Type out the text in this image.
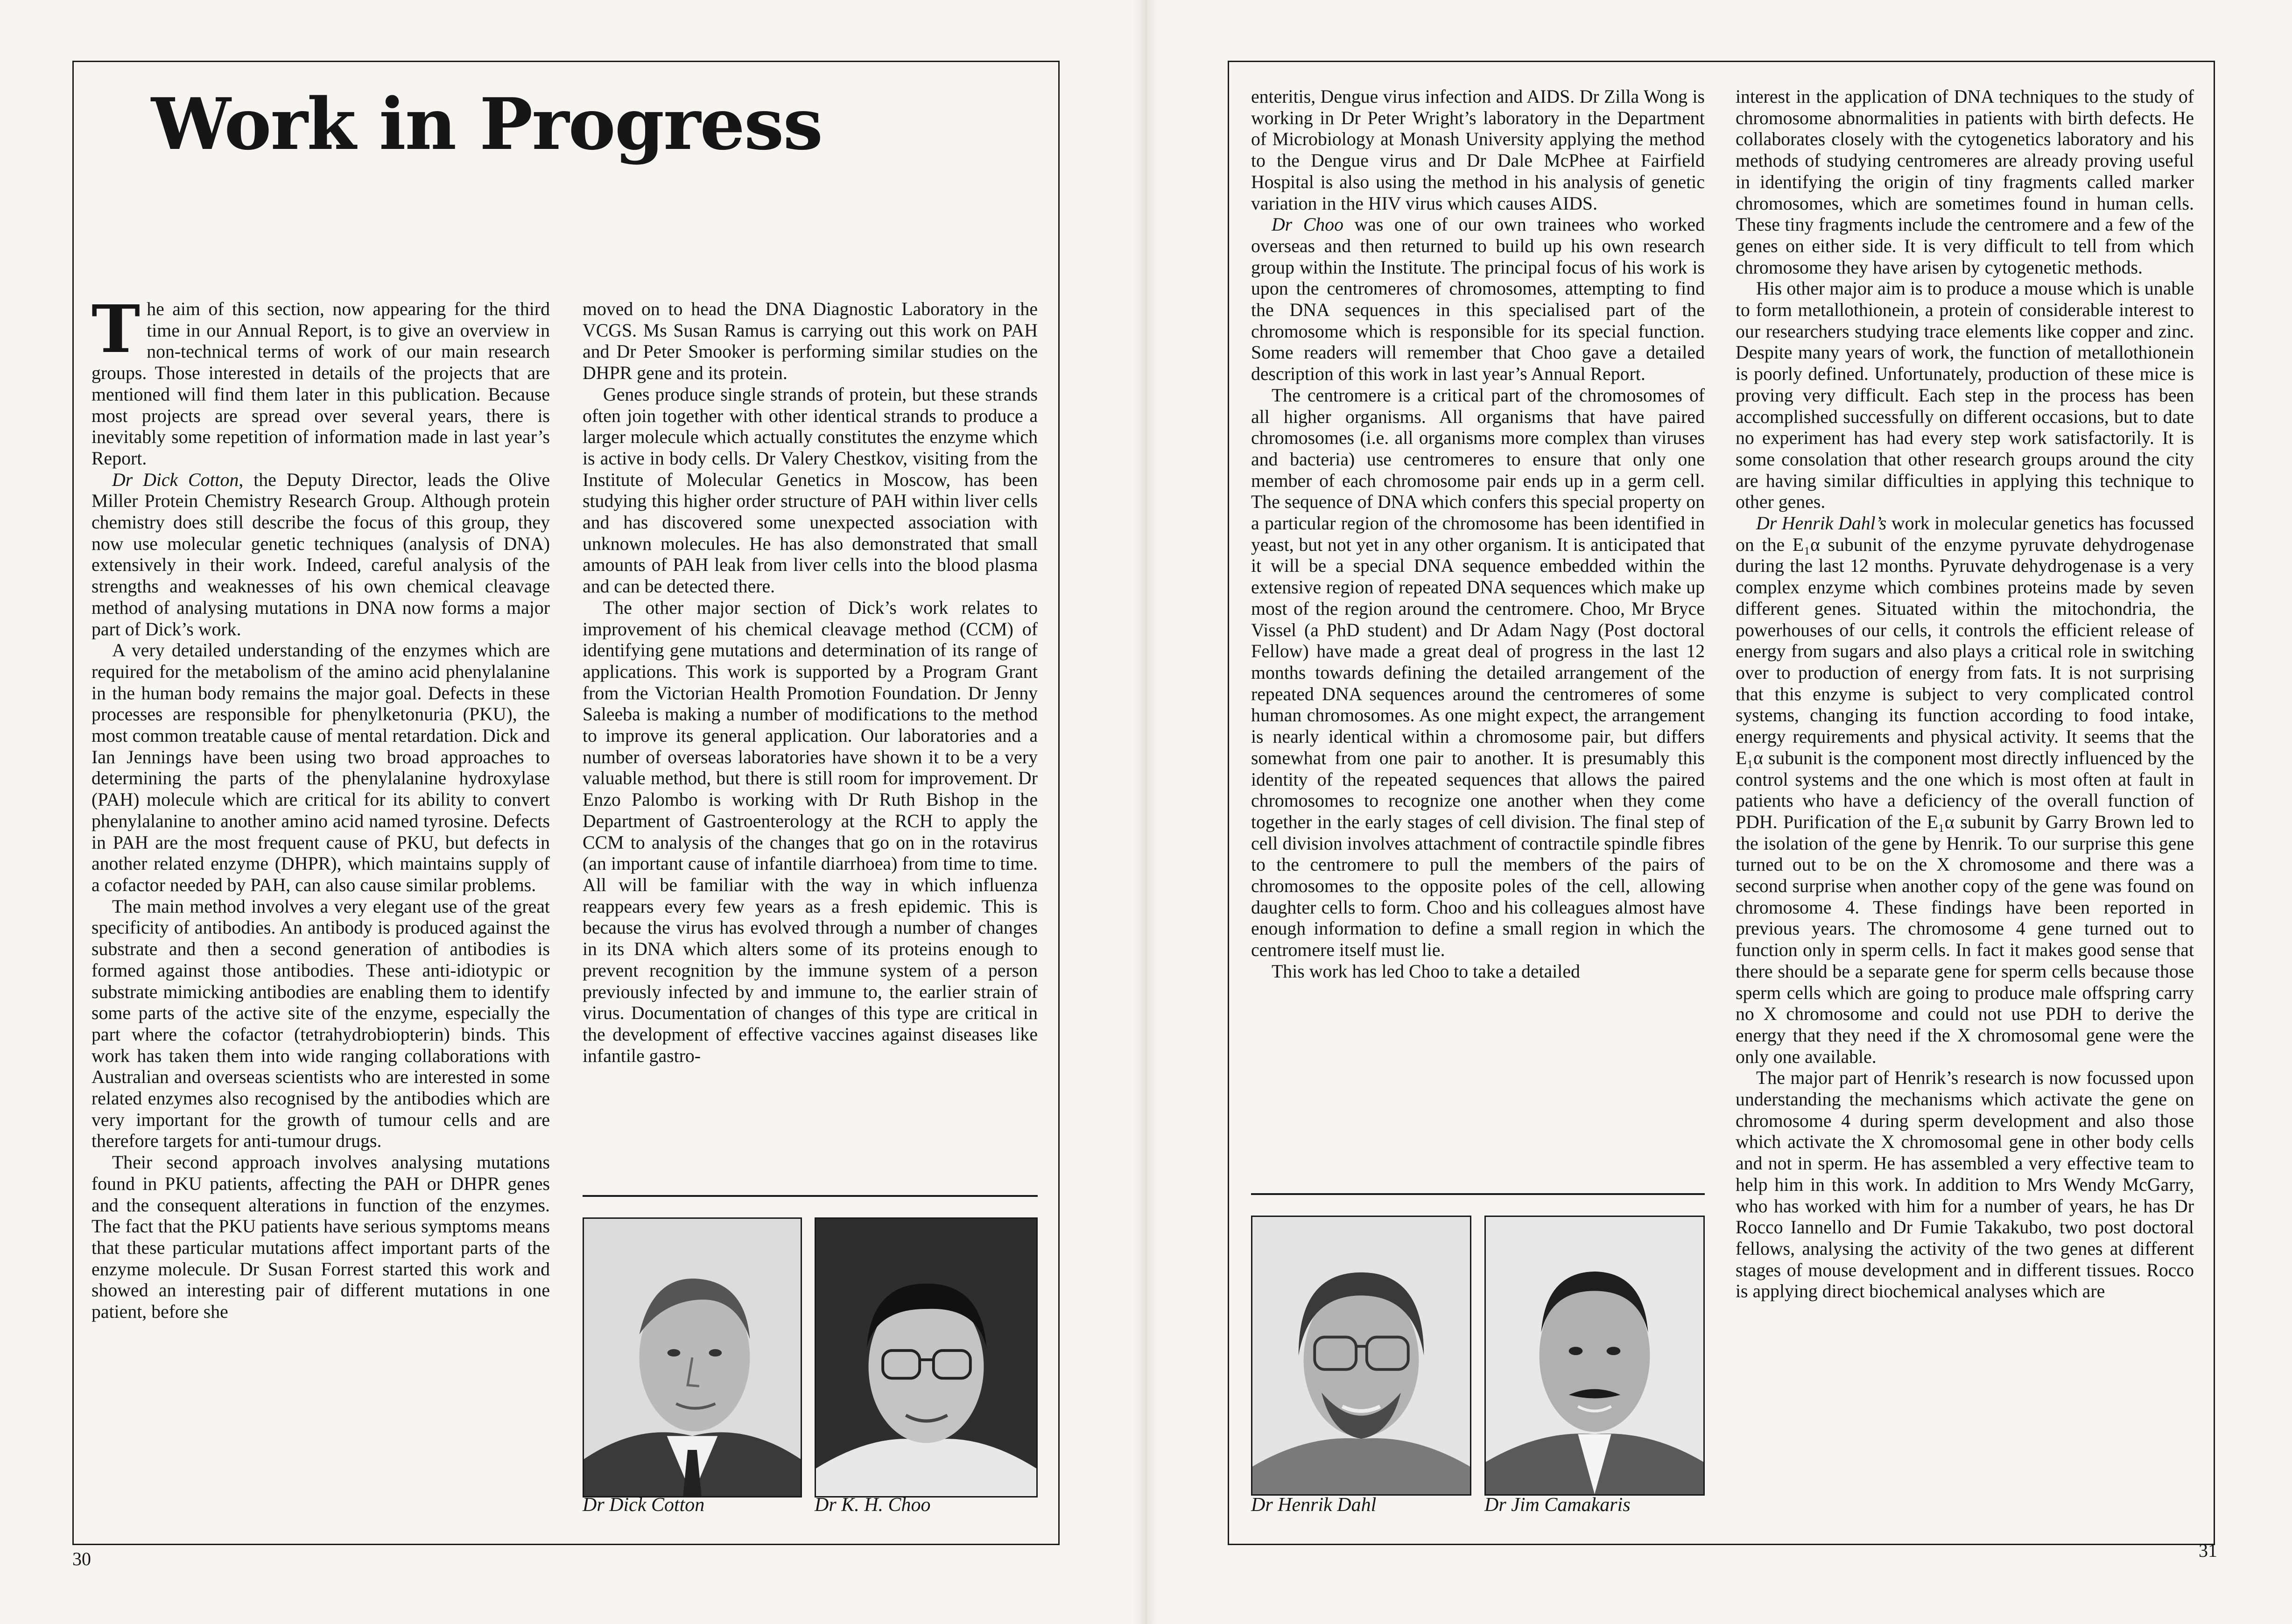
Work in Progress

The aim of this section, now appearing for the third time in our Annual Report, is to give an overview in non-technical terms of work of our main research groups. Those interested in details of the projects that are mentioned will find them later in this publication. Because most projects are spread over several years, there is inevitably some repetition of information made in last year’s Report.

Dr Dick Cotton, the Deputy Director, leads the Olive Miller Protein Chemistry Research Group. Although protein chemistry does still describe the focus of this group, they now use molecular genetic techniques (analysis of DNA) extensively in their work. Indeed, careful analysis of the strengths and weaknesses of his own chemical cleavage method of analysing mutations in DNA now forms a major part of Dick’s work.

A very detailed understanding of the enzymes which are required for the metabolism of the amino acid phenylalanine in the human body remains the major goal. Defects in these processes are responsible for phenylketonuria (PKU), the most common treatable cause of mental retardation. Dick and Ian Jennings have been using two broad approaches to determining the parts of the phenylalanine hydroxylase (PAH) molecule which are critical for its ability to convert phenylalanine to another amino acid named tyrosine. Defects in PAH are the most frequent cause of PKU, but defects in another related enzyme (DHPR), which maintains supply of a cofactor needed by PAH, can also cause similar problems.

The main method involves a very elegant use of the great specificity of antibodies. An antibody is produced against the substrate and then a second generation of antibodies is formed against those antibodies. These anti-idiotypic or substrate mimicking antibodies are enabling them to identify some parts of the active site of the enzyme, especially the part where the cofactor (tetrahydrobiopterin) binds. This work has taken them into wide ranging collaborations with Australian and overseas scientists who are interested in some related enzymes also recognised by the antibodies which are very important for the growth of tumour cells and are therefore targets for anti-tumour drugs.

Their second approach involves analysing mutations found in PKU patients, affecting the PAH or DHPR genes and the consequent alterations in function of the enzymes. The fact that the PKU patients have serious symptoms means that these particular mutations affect important parts of the enzyme molecule. Dr Susan Forrest started this work and showed an interesting pair of different mutations in one patient, before she

moved on to head the DNA Diagnostic Laboratory in the VCGS. Ms Susan Ramus is carrying out this work on PAH and Dr Peter Smooker is performing similar studies on the DHPR gene and its protein.

Genes produce single strands of protein, but these strands often join together with other identical strands to produce a larger molecule which actually constitutes the enzyme which is active in body cells. Dr Valery Chestkov, visiting from the Institute of Molecular Genetics in Moscow, has been studying this higher order structure of PAH within liver cells and has discovered some unexpected association with unknown molecules. He has also demonstrated that small amounts of PAH leak from liver cells into the blood plasma and can be detected there.

The other major section of Dick’s work relates to improvement of his chemical cleavage method (CCM) of identifying gene mutations and determination of its range of applications. This work is supported by a Program Grant from the Victorian Health Promotion Foundation. Dr Jenny Saleeba is making a number of modifications to the method to improve its general application. Our laboratories and a number of overseas laboratories have shown it to be a very valuable method, but there is still room for improvement. Dr Enzo Palombo is working with Dr Ruth Bishop in the Department of Gastroenterology at the RCH to apply the CCM to analysis of the changes that go on in the rotavirus (an important cause of infantile diarrhoea) from time to time. All will be familiar with the way in which influenza reappears every few years as a fresh epidemic. This is because the virus has evolved through a number of changes in its DNA which alters some of its proteins enough to prevent recognition by the immune system of a person previously infected by and immune to, the earlier strain of virus. Documentation of changes of this type are critical in the development of effective vaccines against diseases like infantile gastro-

Dr Dick Cotton	Dr K. H. Choo
30

enteritis, Dengue virus infection and AIDS. Dr Zilla Wong is working in Dr Peter Wright’s laboratory in the Department of Microbiology at Monash University applying the method to the Dengue virus and Dr Dale McPhee at Fairfield Hospital is also using the method in his analysis of genetic variation in the HIV virus which causes AIDS.

Dr Choo was one of our own trainees who worked overseas and then returned to build up his own research group within the Institute. The principal focus of his work is upon the centromeres of chromosomes, attempting to find the DNA sequences in this specialised part of the chromosome which is responsible for its special function. Some readers will remember that Choo gave a detailed description of this work in last year’s Annual Report.

The centromere is a critical part of the chromosomes of all higher organisms. All organisms that have paired chromosomes (i.e. all organisms more complex than viruses and bacteria) use centromeres to ensure that only one member of each chromosome pair ends up in a germ cell. The sequence of DNA which confers this special property on a particular region of the chromosome has been identified in yeast, but not yet in any other organism. It is anticipated that it will be a special DNA sequence embedded within the extensive region of repeated DNA sequences which make up most of the region around the centromere. Choo, Mr Bryce Vissel (a PhD student) and Dr Adam Nagy (Post doctoral Fellow) have made a great deal of progress in the last 12 months towards defining the detailed arrangement of the repeated DNA sequences around the centromeres of some human chromosomes. As one might expect, the arrangement is nearly identical within a chromosome pair, but differs somewhat from one pair to another. It is presumably this identity of the repeated sequences that allows the paired chromosomes to recognize one another when they come together in the early stages of cell division. The final step of cell division involves attachment of contractile spindle fibres to the centromere to pull the members of the pairs of chromosomes to the opposite poles of the cell, allowing daughter cells to form. Choo and his colleagues almost have enough information to define a small region in which the centromere itself must lie.

This work has led Choo to take a detailed

interest in the application of DNA techniques to the study of chromosome abnormalities in patients with birth defects. He collaborates closely with the cytogenetics laboratory and his methods of studying centromeres are already proving useful in identifying the origin of tiny fragments called marker chromosomes, which are sometimes found in human cells. These tiny fragments include the centromere and a few of the genes on either side. It is very difficult to tell from which chromosome they have arisen by cytogenetic methods.

His other major aim is to produce a mouse which is unable to form metallothionein, a protein of considerable interest to our researchers studying trace elements like copper and zinc. Despite many years of work, the function of metallothionein is poorly defined. Unfortunately, production of these mice is proving very difficult. Each step in the process has been accomplished successfully on different occasions, but to date no experiment has had every step work satisfactorily. It is some consolation that other research groups around the city are having similar difficulties in applying this technique to other genes.

Dr Henrik Dahl’s work in molecular genetics has focussed on the E₁α subunit of the enzyme pyruvate dehydrogenase during the last 12 months. Pyruvate dehydrogenase is a very complex enzyme which combines proteins made by seven different genes. Situated within the mitochondria, the powerhouses of our cells, it controls the efficient release of energy from sugars and also plays a critical role in switching over to production of energy from fats. It is not surprising that this enzyme is subject to very complicated control systems, changing its function according to food intake, energy requirements and physical activity. It seems that the E₁α subunit is the component most directly influenced by the control systems and the one which is most often at fault in patients who have a deficiency of the overall function of PDH. Purification of the E₁α subunit by Garry Brown led to the isolation of the gene by Henrik. To our surprise this gene turned out to be on the X chromosome and there was a second surprise when another copy of the gene was found on chromosome 4. These findings have been reported in previous years. The chromosome 4 gene turned out to function only in sperm cells. In fact it makes good sense that there should be a separate gene for sperm cells because those sperm cells which are going to produce male offspring carry no X chromosome and could not use PDH to derive the energy that they need if the X chromosomal gene were the only one available.

The major part of Henrik’s research is now focussed upon understanding the mechanisms which activate the gene on chromosome 4 during sperm development and also those which activate the X chromosomal gene in other body cells and not in sperm. He has assembled a very effective team to help him in this work. In addition to Mrs Wendy McGarry, who has worked with him for a number of years, he has Dr Rocco Iannello and Dr Fumie Takakubo, two post doctoral fellows, analysing the activity of the two genes at different stages of mouse development and in different tissues. Rocco is applying direct biochemical analyses which are

Dr Henrik Dahl	Dr Jim Camakaris
31
